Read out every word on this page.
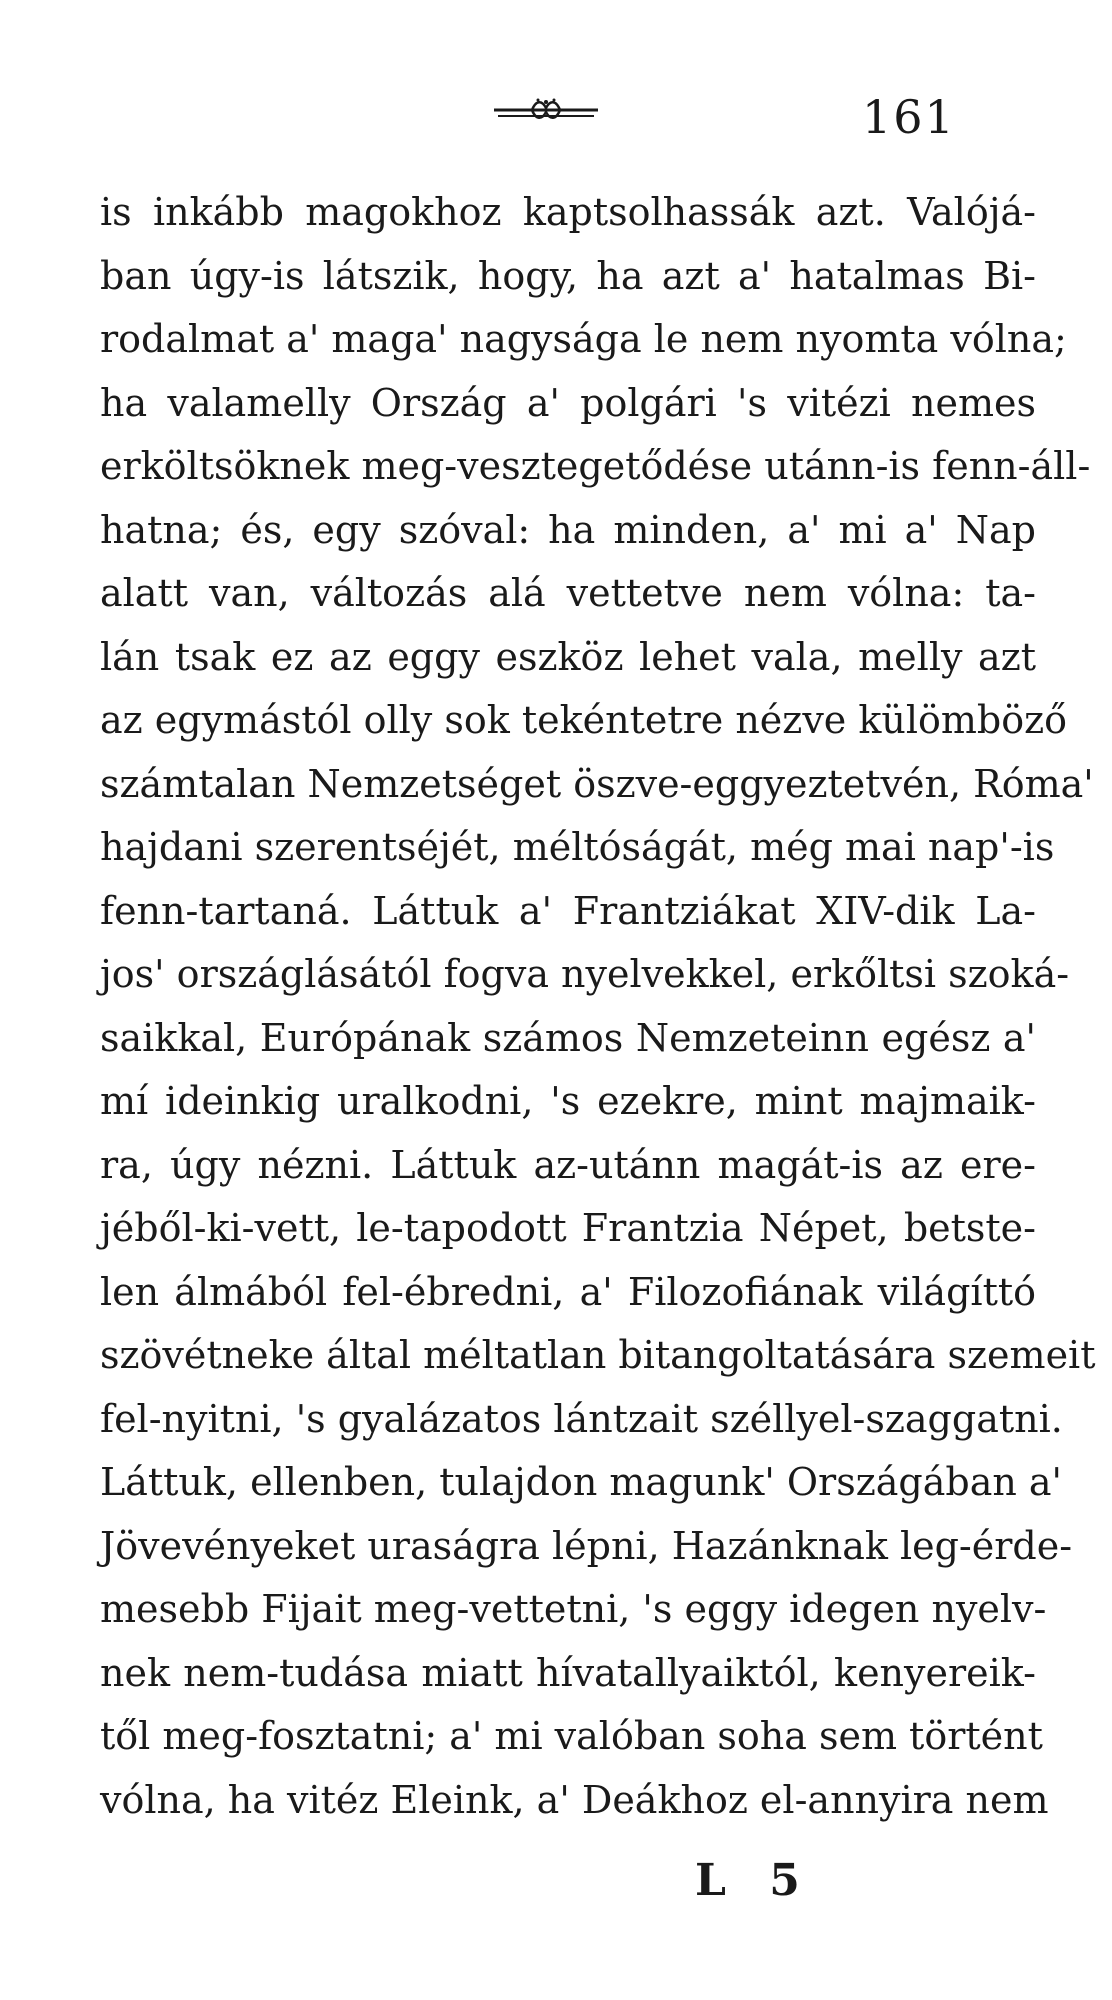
161
is inkább magokhoz kaptsolhassák azt. Valójá-
ban úgy-is látszik, hogy, ha azt a' hatalmas Bi-
rodalmat a' maga' nagysága le nem nyomta vólna;
ha valamelly Ország a' polgári 's vitézi nemes
erköltsöknek meg-vesztegetődése utánn-is fenn-áll-
hatna; és, egy szóval: ha minden, a' mi a' Nap
alatt van, változás alá vettetve nem vólna: ta-
lán tsak ez az eggy eszköz lehet vala, melly azt
az egymástól olly sok tekéntetre nézve külömböző
számtalan Nemzetséget öszve-eggyeztetvén, Róma'
hajdani szerentséjét, méltóságát, még mai nap'-is
fenn-tartaná. Láttuk a' Frantziákat XIV-dik La-
jos' országlásától fogva nyelvekkel, erkőltsi szoká-
saikkal, Európának számos Nemzeteinn egész a'
mí ideinkig uralkodni, 's ezekre, mint majmaik-
ra, úgy nézni. Láttuk az-utánn magát-is az ere-
jéből-ki-vett, le-tapodott Frantzia Népet, betste-
len álmából fel-ébredni, a' Filozofiának világíttó
szövétneke által méltatlan bitangoltatására szemeit
fel-nyitni, 's gyalázatos lántzait széllyel-szaggatni.
Láttuk, ellenben, tulajdon magunk' Országában a'
Jövevényeket uraságra lépni, Hazánknak leg-érde-
mesebb Fijait meg-vettetni, 's eggy idegen nyelv-
nek nem-tudása miatt hívatallyaiktól, kenyereik-
től meg-fosztatni; a' mi valóban soha sem történt
vólna, ha vitéz Eleink, a' Deákhoz el-annyira nem
L 5
